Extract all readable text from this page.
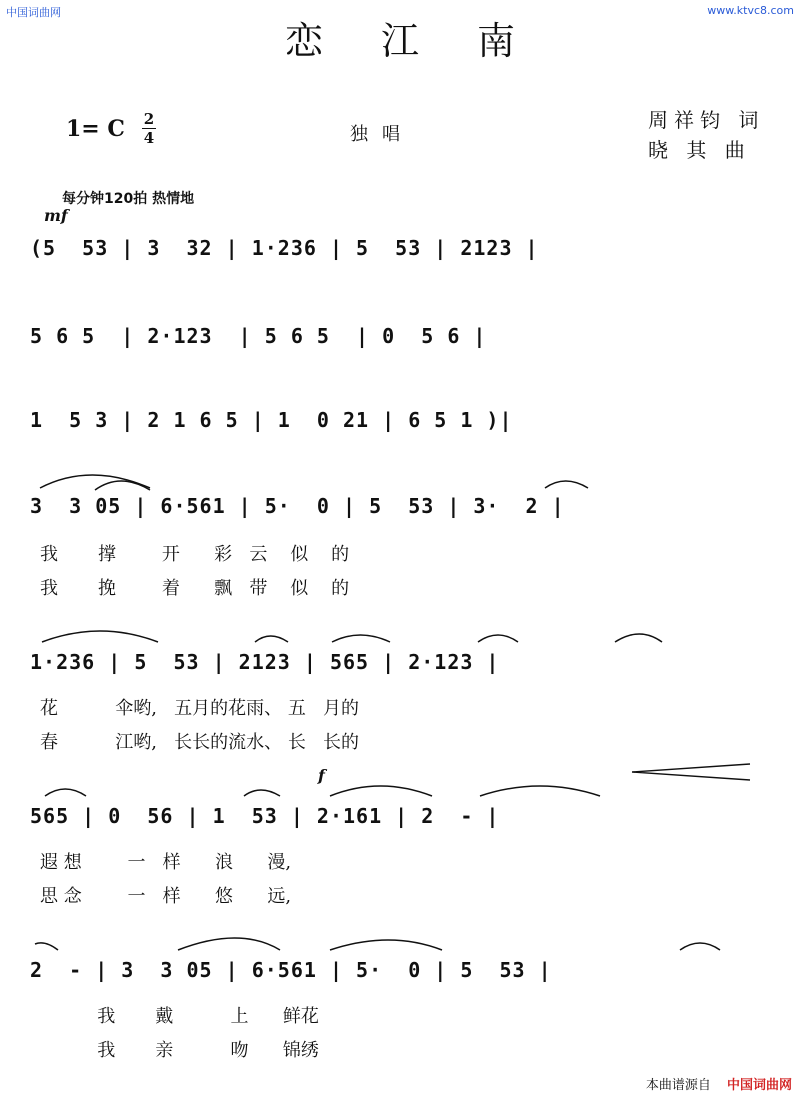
中国词曲网	www.ktvc8.com
恋江南
1= C 2
4	独唱
周祥钧 词
晓 其 曲
每分钟120拍 热情地
mf
(5  53 | 3  32 | 1·236 | 5  53 | 2123 |
5 6 5  | 2·123  | 5 6 5  | 0  5 6 |
1  5 3 | 2 1 6 5 | 1  0 21 | 6 5 1 )|
3  3 05 | 6·561 | 5·  0 | 5  53 | 3·  2 |
我       撑        开      彩   云    似    的
我       挽        着      飘   带    似    的
1·236 | 5  53 | 2123 | 565 | 2·123 |
花          伞哟,   五月的花雨、 五   月的
春          江哟,   长长的流水、 长   长的
f
565 | 0  56 | 1  53 | 2·161 | 2  - |
遐 想        一   样      浪      漫,
思 念        一   样      悠      远,
2  - | 3  3 05 | 6·561 | 5·  0 | 5  53 |
我       戴          上      鲜花
我       亲          吻      锦绣
本曲谱源自 中国词曲网
